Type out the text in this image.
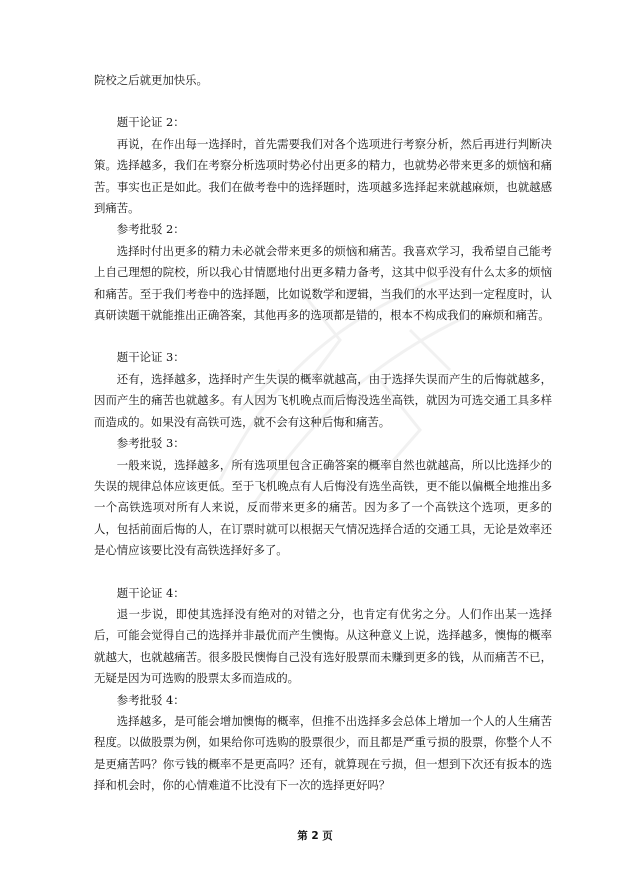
院校之后就更加快乐。

题干论证 2：

再说，在作出每一选择时，首先需要我们对各个选项进行考察分析，然后再进行判断决策。选择越多，我们在考察分析选项时势必付出更多的精力，也就势必带来更多的烦恼和痛苦。事实也正是如此。我们在做考卷中的选择题时，选项越多选择起来就越麻烦，也就越感到痛苦。

参考批驳 2：

选择时付出更多的精力未必就会带来更多的烦恼和痛苦。我喜欢学习，我希望自己能考上自己理想的院校，所以我心甘情愿地付出更多精力备考，这其中似乎没有什么太多的烦恼和痛苦。至于我们考卷中的选择题，比如说数学和逻辑，当我们的水平达到一定程度时，认真研读题干就能推出正确答案，其他再多的选项都是错的，根本不构成我们的麻烦和痛苦。

题干论证 3：

还有，选择越多，选择时产生失误的概率就越高，由于选择失误而产生的后悔就越多，因而产生的痛苦也就越多。有人因为飞机晚点而后悔没选坐高铁，就因为可选交通工具多样而造成的。如果没有高铁可选，就不会有这种后悔和痛苦。

参考批驳 3：

一般来说，选择越多，所有选项里包含正确答案的概率自然也就越高，所以比选择少的失误的规律总体应该更低。至于飞机晚点有人后悔没有选坐高铁，更不能以偏概全地推出多一个高铁选项对所有人来说，反而带来更多的痛苦。因为多了一个高铁这个选项，更多的人，包括前面后悔的人，在订票时就可以根据天气情况选择合适的交通工具，无论是效率还是心情应该要比没有高铁选择好多了。

题干论证 4：

退一步说，即使其选择没有绝对的对错之分，也肯定有优劣之分。人们作出某一选择后，可能会觉得自己的选择并非最优而产生懊悔。从这种意义上说，选择越多，懊悔的概率就越大，也就越痛苦。很多股民懊悔自己没有选好股票而未赚到更多的钱，从而痛苦不已，无疑是因为可选购的股票太多而造成的。

参考批驳 4：

选择越多，是可能会增加懊悔的概率，但推不出选择多会总体上增加一个人的人生痛苦程度。以做股票为例，如果给你可选购的股票很少，而且都是严重亏损的股票，你整个人不是更痛苦吗？你亏钱的概率不是更高吗？还有，就算现在亏损，但一想到下次还有扳本的选择和机会时，你的心情难道不比没有下一次的选择更好吗？

第 2 页
